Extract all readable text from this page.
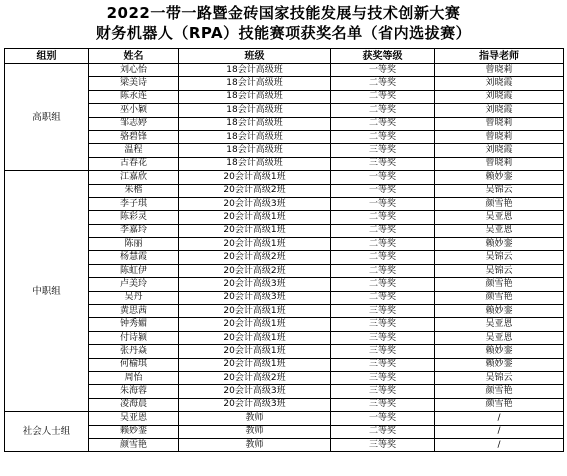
2022一带一路暨金砖国家技能发展与技术创新大赛
财务机器人（RPA）技能赛项获奖名单（省内选拔赛）
组别	姓名	班级	获奖等级	指导老师
高职组	刘心怡	18会计高级班	一等奖	曾晓莉
	梁美诗	18会计高级班	二等奖	刘晓霞
	陈永连	18会计高级班	二等奖	刘晓霞
	巫小颖	18会计高级班	二等奖	刘晓霞
	邹志婷	18会计高级班	二等奖	曾晓莉
	骆碧锋	18会计高级班	二等奖	曾晓莉
	温程	18会计高级班	三等奖	刘晓霞
	古春花	18会计高级班	三等奖	曾晓莉
中职组	江嘉欣	20会计高级1班	一等奖	赖妙銮
	朱楷	20会计高级2班	一等奖	吴锦云
	李子琪	20会计高级3班	一等奖	颜雪艳
	陈彩灵	20会计高级1班	二等奖	吴亚恩
	李嘉玲	20会计高级1班	二等奖	吴亚恩
	陈丽	20会计高级1班	二等奖	赖妙銮
	杨慧霞	20会计高级2班	二等奖	吴锦云
	陈虹伊	20会计高级2班	二等奖	吴锦云
	卢美玲	20会计高级3班	二等奖	颜雪艳
	吴丹	20会计高级3班	二等奖	颜雪艳
	黄思茜	20会计高级1班	三等奖	赖妙銮
	钟秀媚	20会计高级1班	三等奖	吴亚恩
	付诗颍	20会计高级1班	三等奖	吴亚恩
	张丹焱	20会计高级1班	三等奖	赖妙銮
	何榆琪	20会计高级1班	三等奖	赖妙銮
	周怡	20会计高级2班	三等奖	吴锦云
	朱海蓉	20会计高级3班	三等奖	颜雪艳
	凌海晨	20会计高级3班	三等奖	颜雪艳
社会人士组	吴亚恩	教师	一等奖	/
	赖妙銮	教师	二等奖	/
	颜雪艳	教师	三等奖	/
